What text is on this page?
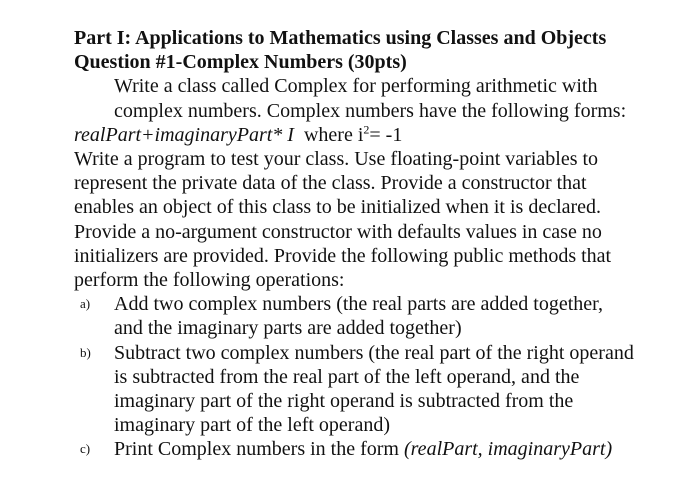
Part I: Applications to Mathematics using Classes and Objects

Question #1-Complex Numbers (30pts)

Write a class called Complex for performing arithmetic with complex numbers. Complex numbers have the following forms:

realPart+imaginaryPart* I where $i^2= -1$

Write a program to test your class. Use floating-point variables to represent the private data of the class. Provide a constructor that enables an object of this class to be initialized when it is declared. Provide a no-argument constructor with defaults values in case no initializers are provided. Provide the following public methods that perform the following operations:

a) Add two complex numbers (the real parts are added together, and the imaginary parts are added together)
b) Subtract two complex numbers (the real part of the right operand is subtracted from the real part of the left operand, and the imaginary part of the right operand is subtracted from the imaginary part of the left operand)
c) Print Complex numbers in the form (realPart, imaginaryPart)
